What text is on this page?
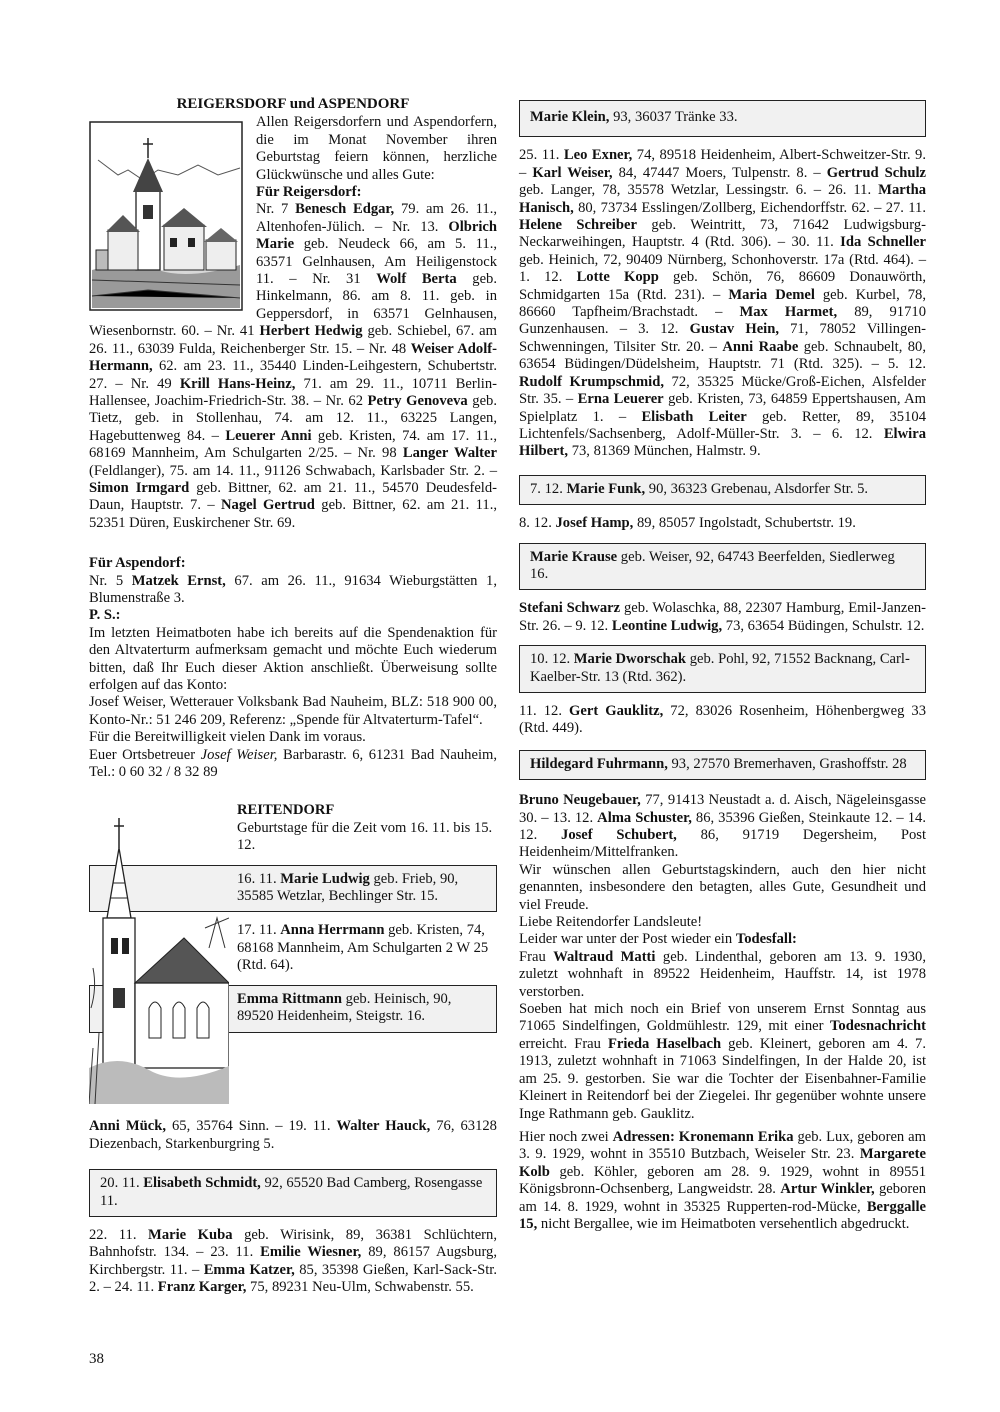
REIGERSDORF und ASPENDORF

Allen Reigersdorfern und Aspendorfern, die im Monat November ihren Geburtstag feiern können, herzliche Glückwünsche und alles Gute:

Für Reigersdorf:

Nr. 7 Benesch Edgar, 79. am 26. 11., Altenhofen-Jülich. – Nr. 13. Olbrich Marie geb. Neudeck 66, am 5. 11., 63571 Gelnhausen, Am Heiligenstock 11. – Nr. 31 Wolf Berta geb. Hinkelmann, 86. am 8. 11. geb. in Geppersdorf, in 63571 Gelnhausen, Wiesenbornstr. 60. – Nr. 41 Herbert Hedwig geb. Schiebel, 67. am 26. 11., 63039 Fulda, Reichenberger Str. 15. – Nr. 48 Weiser Adolf-Hermann, 62. am 23. 11., 35440 Linden-Leihgestern, Schubertstr. 27. – Nr. 49 Krill Hans-Heinz, 71. am 29. 11., 10711 Berlin-Hallensee, Joachim-Friedrich-Str. 38. – Nr. 62 Petry Genoveva geb. Tietz, geb. in Stollenhau, 74. am 12. 11., 63225 Langen, Hagebuttenweg 84. – Leuerer Anni geb. Kristen, 74. am 17. 11., 68169 Mannheim, Am Schulgarten 2/25. – Nr. 98 Langer Walter (Feldlanger), 75. am 14. 11., 91126 Schwabach, Karlsbader Str. 2. – Simon Irmgard geb. Bittner, 62. am 21. 11., 54570 Deudesfeld-Daun, Hauptstr. 7. – Nagel Gertrud geb. Bittner, 62. am 21. 11., 52351 Düren, Euskirchener Str. 69.

Für Aspendorf:

Nr. 5 Matzek Ernst, 67. am 26. 11., 91634 Wieburgstätten 1, Blumenstraße 3.

P. S.:

Im letzten Heimatboten habe ich bereits auf die Spendenaktion für den Altvaterturm aufmerksam gemacht und möchte Euch wiederum bitten, daß Ihr Euch dieser Aktion anschließt. Überweisung sollte erfolgen auf das Konto:

Josef Weiser, Wetterauer Volksbank Bad Nauheim, BLZ: 518 900 00, Konto-Nr.: 51 246 209, Referenz: „Spende für Altvaterturm-Tafel“.

Für die Bereitwilligkeit vielen Dank im voraus.

Euer Ortsbetreuer Josef Weiser, Barbarastr. 6, 61231 Bad Nauheim, Tel.: 0 60 32 / 8 32 89

REITENDORF

Geburtstage für die Zeit vom 16. 11. bis 15. 12.

16. 11. Marie Ludwig geb. Frieb, 90, 35585 Wetzlar, Bechlinger Str. 15.

17. 11. Anna Herrmann geb. Kristen, 74, 68168 Mannheim, Am Schulgarten 2 W 25 (Rtd. 64).

Emma Rittmann geb. Heinisch, 90, 89520 Heidenheim, Steigstr. 16.

Anni Mück, 65, 35764 Sinn. – 19. 11. Walter Hauck, 76, 63128 Diezenbach, Starkenburgring 5.

20. 11. Elisabeth Schmidt, 92, 65520 Bad Camberg, Rosengasse 11.

22. 11. Marie Kuba geb. Wirisink, 89, 36381 Schlüchtern, Bahnhofstr. 134. – 23. 11. Emilie Wiesner, 89, 86157 Augsburg, Kirchbergstr. 11. – Emma Katzer, 85, 35398 Gießen, Karl-Sack-Str. 2. – 24. 11. Franz Karger, 75, 89231 Neu-Ulm, Schwabenstr. 55.

Marie Klein, 93, 36037 Tränke 33.

25. 11. Leo Exner, 74, 89518 Heidenheim, Albert-Schweitzer-Str. 9. – Karl Weiser, 84, 47447 Moers, Tulpenstr. 8. – Gertrud Schulz geb. Langer, 78, 35578 Wetzlar, Lessingstr. 6. – 26. 11. Martha Hanisch, 80, 73734 Esslingen/Zollberg, Eichendorffstr. 62. – 27. 11. Helene Schreiber geb. Weintritt, 73, 71642 Ludwigsburg-Neckarweihingen, Hauptstr. 4 (Rtd. 306). – 30. 11. Ida Schneller geb. Heinich, 72, 90409 Nürnberg, Schonhoverstr. 17a (Rtd. 464). – 1. 12. Lotte Kopp geb. Schön, 76, 86609 Donauwörth, Schmidgarten 15a (Rtd. 231). – Maria Demel geb. Kurbel, 78, 86660 Tapfheim/Brachstadt. – Max Harmet, 89, 91710 Gunzenhausen. – 3. 12. Gustav Hein, 71, 78052 Villingen-Schwenningen, Tilsiter Str. 20. – Anni Raabe geb. Schnaubelt, 80, 63654 Büdingen/Düdelsheim, Hauptstr. 71 (Rtd. 325). – 5. 12. Rudolf Krumpschmid, 72, 35325 Mücke/Groß-Eichen, Alsfelder Str. 35. – Erna Leuerer geb. Kristen, 73, 64859 Eppertshausen, Am Spielplatz 1. – Elisbath Leiter geb. Retter, 89, 35104 Lichtenfels/Sachsenberg, Adolf-Müller-Str. 3. – 6. 12. Elwira Hilbert, 73, 81369 München, Halmstr. 9.

7. 12. Marie Funk, 90, 36323 Grebenau, Alsdorfer Str. 5.

8. 12. Josef Hamp, 89, 85057 Ingolstadt, Schubertstr. 19.

Marie Krause geb. Weiser, 92, 64743 Beerfelden, Siedlerweg 16.

Stefani Schwarz geb. Wolaschka, 88, 22307 Hamburg, Emil-Janzen-Str. 26. – 9. 12. Leontine Ludwig, 73, 63654 Büdingen, Schulstr. 12.

10. 12. Marie Dworschak geb. Pohl, 92, 71552 Backnang, Carl-Kaelber-Str. 13 (Rtd. 362).

11. 12. Gert Gauklitz, 72, 83026 Rosenheim, Höhenbergweg 33 (Rtd. 449).

Hildegard Fuhrmann, 93, 27570 Bremerhaven, Grashoffstr. 28

Bruno Neugebauer, 77, 91413 Neustadt a. d. Aisch, Nägeleinsgasse 30. – 13. 12. Alma Schuster, 86, 35396 Gießen, Steinkaute 12. – 14. 12. Josef Schubert, 86, 91719 Degersheim, Post Heidenheim/Mittelfranken.

Wir wünschen allen Geburtstagskindern, auch den hier nicht genannten, insbesondere den betagten, alles Gute, Gesundheit und viel Freude.

Liebe Reitendorfer Landsleute!

Leider war unter der Post wieder ein Todesfall:

Frau Waltraud Matti geb. Lindenthal, geboren am 13. 9. 1930, zuletzt wohnhaft in 89522 Heidenheim, Hauffstr. 14, ist 1978 verstorben.

Soeben hat mich noch ein Brief von unserem Ernst Sonntag aus 71065 Sindelfingen, Goldmühlestr. 129, mit einer Todesnachricht erreicht. Frau Frieda Haselbach geb. Kleinert, geboren am 4. 7. 1913, zuletzt wohnhaft in 71063 Sindelfingen, In der Halde 20, ist am 25. 9. gestorben. Sie war die Tochter der Eisenbahner-Familie Kleinert in Reitendorf bei der Ziegelei. Ihr gegenüber wohnte unsere Inge Rathmann geb. Gauklitz.

Hier noch zwei Adressen: Kronemann Erika geb. Lux, geboren am 3. 9. 1929, wohnt in 35510 Butzbach, Weiseler Str. 23. Margarete Kolb geb. Köhler, geboren am 28. 9. 1929, wohnt in 89551 Königsbronn-Ochsenberg, Langweidstr. 28. Artur Winkler, geboren am 14. 8. 1929, wohnt in 35325 Rupperten-rod-Mücke, Berggalle 15, nicht Bergallee, wie im Heimatboten versehentlich abgedruckt.

38
